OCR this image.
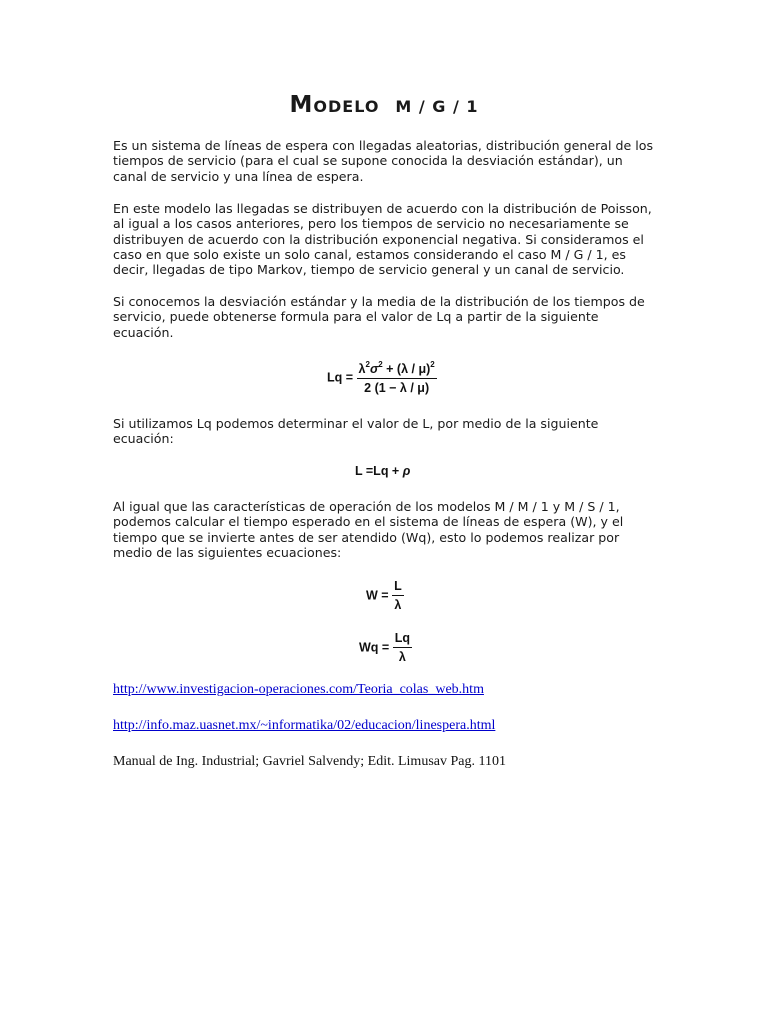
MODELO M / G / 1

Es un sistema de líneas de espera con llegadas aleatorias, distribución general de los tiempos de servicio (para el cual se supone conocida la desviación estándar), un canal de servicio y una línea de espera.

En este modelo las llegadas se distribuyen de acuerdo con la distribución de Poisson, al igual a los casos anteriores, pero los tiempos de servicio no necesariamente se distribuyen de acuerdo con la distribución exponencial negativa. Si consideramos el caso en que solo existe un solo canal, estamos considerando el caso M / G / 1, es decir, llegadas de tipo Markov, tiempo de servicio general y un canal de servicio.

Si conocemos la desviación estándar y la media de la distribución de los tiempos de servicio, puede obtenerse formula para el valor de Lq a partir de la siguiente ecuación.

$Lq = \frac{\lambda^2\sigma^2 + (\lambda / \mu)^2}{2 (1 - \lambda / \mu)}$

Si utilizamos Lq podemos determinar el valor de L, por medio de la siguiente ecuación:

L =Lq + ρ

Al igual que las características de operación de los modelos M / M / 1 y M / S / 1, podemos calcular el tiempo esperado en el sistema de líneas de espera (W), y el tiempo que se invierte antes de ser atendido (Wq), esto lo podemos realizar por medio de las siguientes ecuaciones:

$W = \frac{L}{\lambda}$
$Wq = \frac{Lq}{\lambda}$
http://www.investigacion-operaciones.com/Teoria_colas_web.htm
http://info.maz.uasnet.mx/~informatika/02/educacion/linespera.html
Manual de Ing. Industrial; Gavriel Salvendy; Edit. Limusav Pag. 1101
